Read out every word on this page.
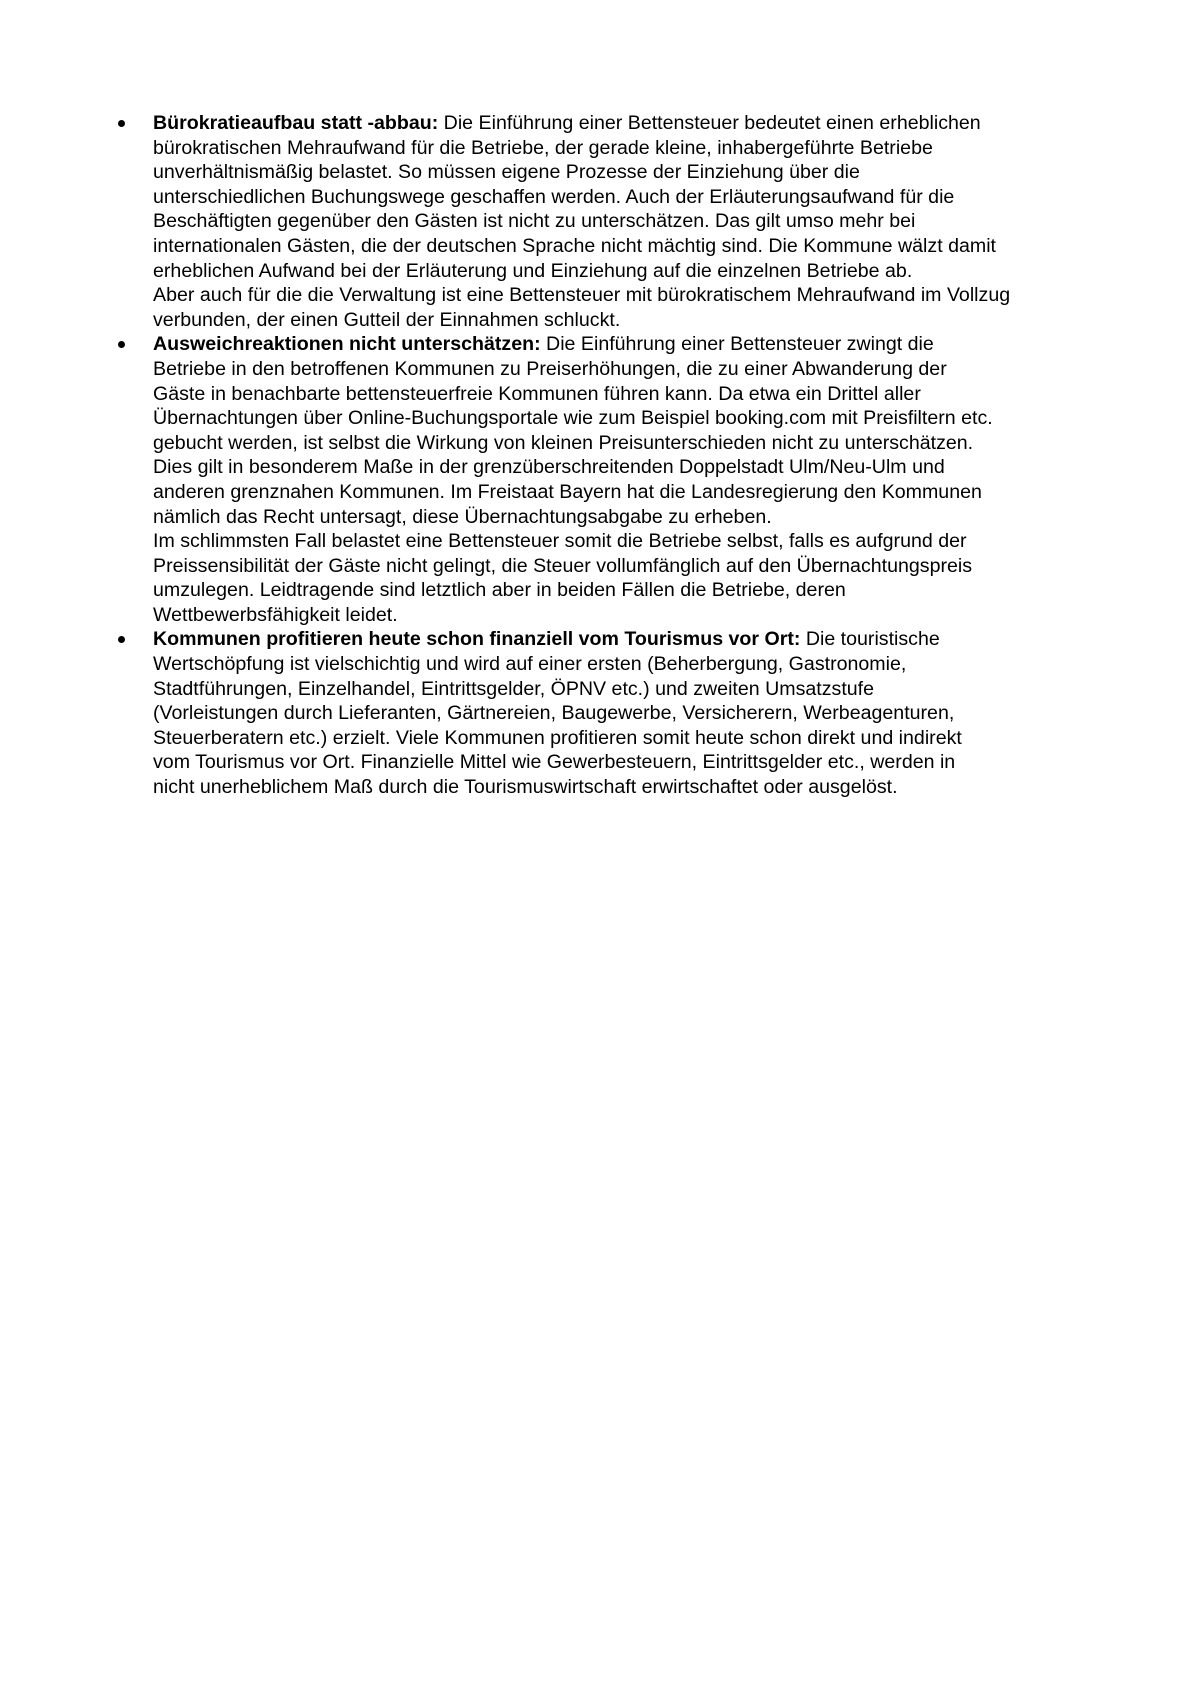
Bürokratieaufbau statt -abbau: Die Einführung einer Bettensteuer bedeutet einen erheblichen
bürokratischen Mehraufwand für die Betriebe, der gerade kleine, inhabergeführte Betriebe
unverhältnismäßig belastet. So müssen eigene Prozesse der Einziehung über die
unterschiedlichen Buchungswege geschaffen werden. Auch der Erläuterungsaufwand für die
Beschäftigten gegenüber den Gästen ist nicht zu unterschätzen. Das gilt umso mehr bei
internationalen Gästen, die der deutschen Sprache nicht mächtig sind. Die Kommune wälzt damit
erheblichen Aufwand bei der Erläuterung und Einziehung auf die einzelnen Betriebe ab.
Aber auch für die die Verwaltung ist eine Bettensteuer mit bürokratischem Mehraufwand im Vollzug
verbunden, der einen Gutteil der Einnahmen schluckt.
Ausweichreaktionen nicht unterschätzen: Die Einführung einer Bettensteuer zwingt die
Betriebe in den betroffenen Kommunen zu Preiserhöhungen, die zu einer Abwanderung der
Gäste in benachbarte bettensteuerfreie Kommunen führen kann. Da etwa ein Drittel aller
Übernachtungen über Online-Buchungsportale wie zum Beispiel booking.com mit Preisfiltern etc.
gebucht werden, ist selbst die Wirkung von kleinen Preisunterschieden nicht zu unterschätzen.
Dies gilt in besonderem Maße in der grenzüberschreitenden Doppelstadt Ulm/Neu-Ulm und
anderen grenznahen Kommunen. Im Freistaat Bayern hat die Landesregierung den Kommunen
nämlich das Recht untersagt, diese Übernachtungsabgabe zu erheben.
Im schlimmsten Fall belastet eine Bettensteuer somit die Betriebe selbst, falls es aufgrund der
Preissensibilität der Gäste nicht gelingt, die Steuer vollumfänglich auf den Übernachtungspreis
umzulegen. Leidtragende sind letztlich aber in beiden Fällen die Betriebe, deren
Wettbewerbsfähigkeit leidet.
Kommunen profitieren heute schon finanziell vom Tourismus vor Ort: Die touristische
Wertschöpfung ist vielschichtig und wird auf einer ersten (Beherbergung, Gastronomie,
Stadtführungen, Einzelhandel, Eintrittsgelder, ÖPNV etc.) und zweiten Umsatzstufe
(Vorleistungen durch Lieferanten, Gärtnereien, Baugewerbe, Versicherern, Werbeagenturen,
Steuerberatern etc.) erzielt. Viele Kommunen profitieren somit heute schon direkt und indirekt
vom Tourismus vor Ort. Finanzielle Mittel wie Gewerbesteuern, Eintrittsgelder etc., werden in
nicht unerheblichem Maß durch die Tourismuswirtschaft erwirtschaftet oder ausgelöst.
